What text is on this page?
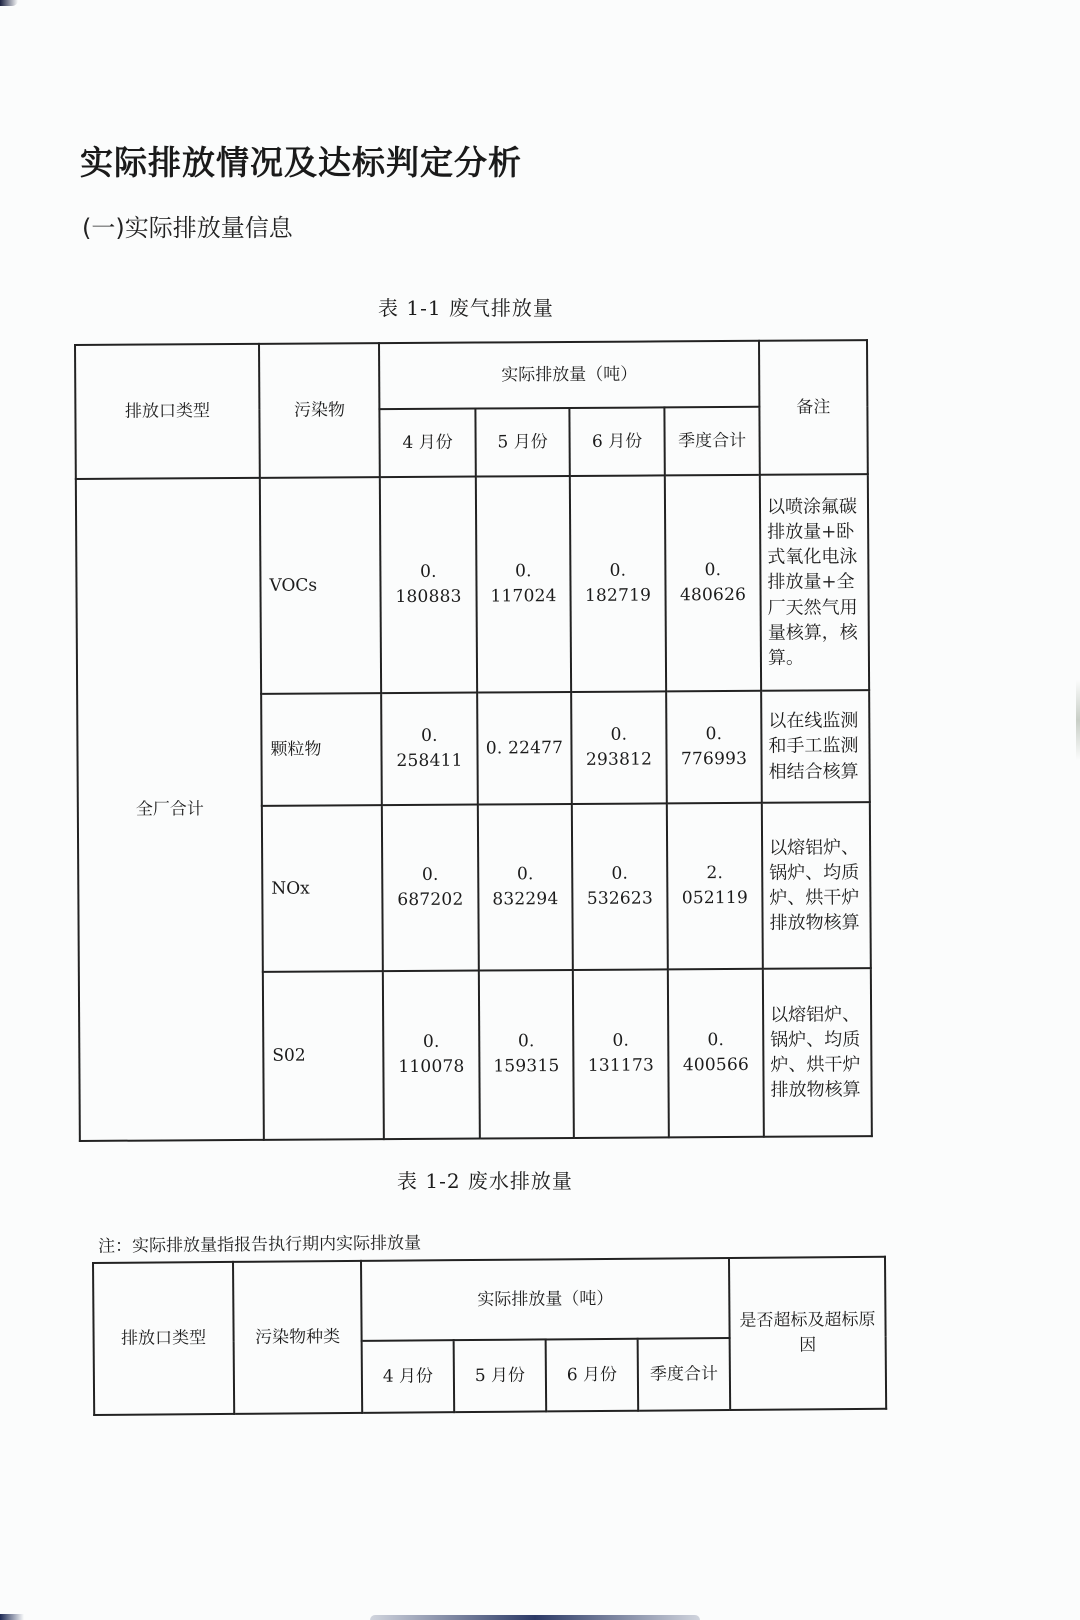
实际排放情况及达标判定分析
(一)实际排放量信息
表 1-1 废气排放量
排放口类型	污染物	实际排放量（吨）				备注
		4 月份	5 月份	6 月份	季度合计	
全厂合计	VOCs	0. 180883	0. 117024	0. 182719	0. 480626	以喷涂氟碳排放量+卧式氧化电泳排放量+全厂天然气用量核算，核算。
	颗粒物	0. 258411	0. 22477	0. 293812	0. 776993	以在线监测和手工监测相结合核算
	NOx	0. 687202	0. 832294	0. 532623	2. 052119	以熔铝炉、锅炉、均质炉、烘干炉排放物核算
	S02	0. 110078	0. 159315	0. 131173	0. 400566	以熔铝炉、锅炉、均质炉、烘干炉排放物核算
表 1-2 废水排放量
注：实际排放量指报告执行期内实际排放量
排放口类型	污染物种类	实际排放量（吨）				是否超标及超标原因
		4 月份	5 月份	6 月份	季度合计	
